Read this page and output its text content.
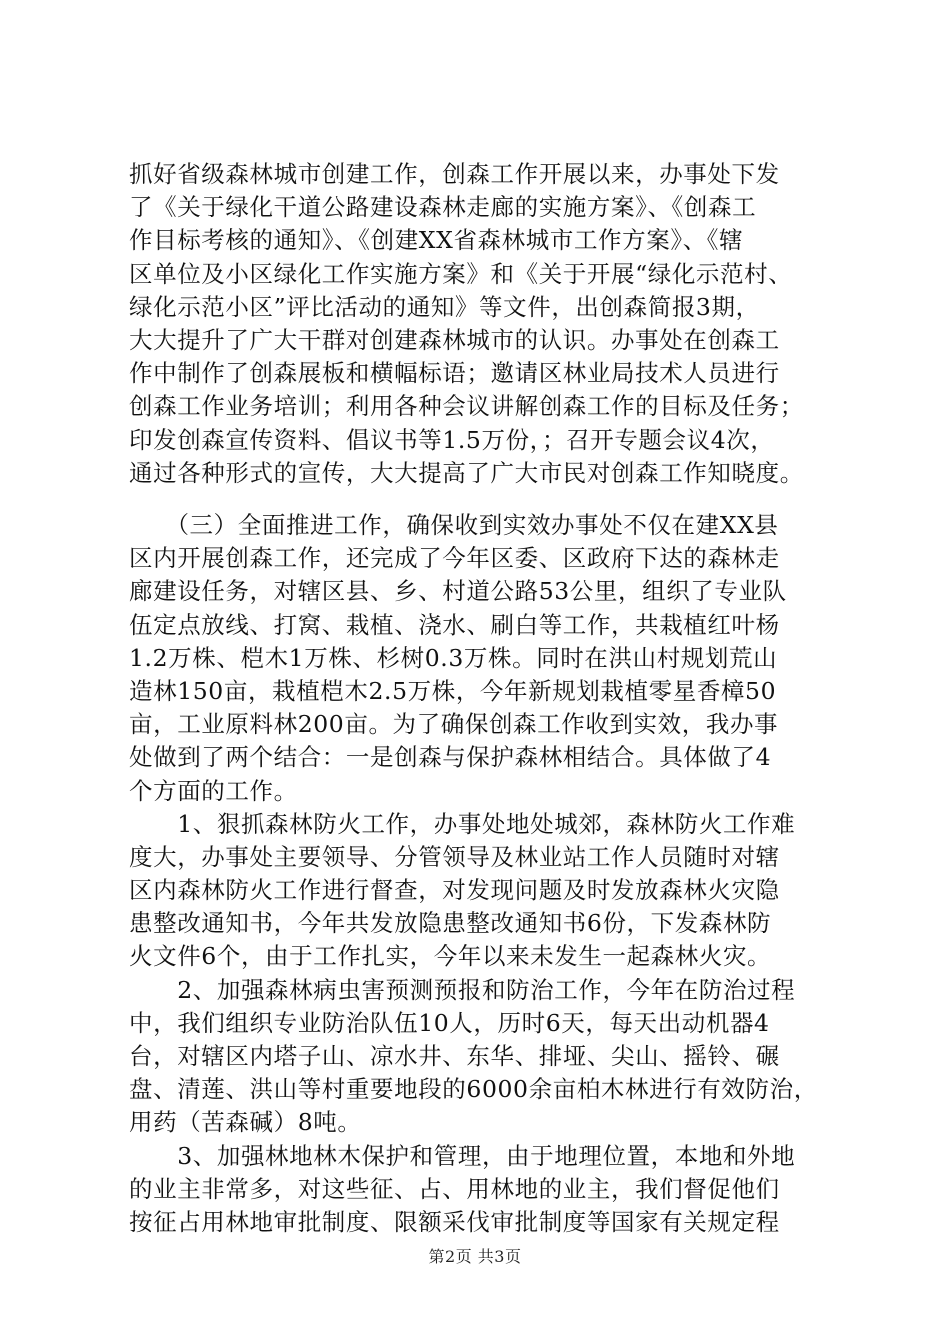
抓好省级森林城市创建工作，创森工作开展以来，办事处下发
了《关于绿化干道公路建设森林走廊的实施方案》、《创森工
作目标考核的通知》、《创建XX省森林城市工作方案》、《辖
区单位及小区绿化工作实施方案》和《关于开展“绿化示范村、
绿化示范小区”评比活动的通知》等文件，出创森简报3期，
大大提升了广大干群对创建森林城市的认识。办事处在创森工
作中制作了创森展板和横幅标语；邀请区林业局技术人员进行
创森工作业务培训；利用各种会议讲解创森工作的目标及任务；
印发创森宣传资料、倡议书等1.5万份，；召开专题会议4次，
通过各种形式的宣传，大大提高了广大市民对创森工作知晓度。
　　（三）全面推进工作，确保收到实效办事处不仅在建XX县
区内开展创森工作，还完成了今年区委、区政府下达的森林走
廊建设任务，对辖区县、乡、村道公路53公里，组织了专业队
伍定点放线、打窝、栽植、浇水、刷白等工作，共栽植红叶杨
1.2万株、桤木1万株、杉树0.3万株。同时在洪山村规划荒山
造林150亩，栽植桤木2.5万株，今年新规划栽植零星香樟50
亩，工业原料林200亩。为了确保创森工作收到实效，我办事
处做到了两个结合：一是创森与保护森林相结合。具体做了4
个方面的工作。
　　1、狠抓森林防火工作，办事处地处城郊，森林防火工作难
度大，办事处主要领导、分管领导及林业站工作人员随时对辖
区内森林防火工作进行督查，对发现问题及时发放森林火灾隐
患整改通知书，今年共发放隐患整改通知书6份，下发森林防
火文件6个，由于工作扎实，今年以来未发生一起森林火灾。
　　2、加强森林病虫害预测预报和防治工作，今年在防治过程
中，我们组织专业防治队伍10人，历时6天，每天出动机器4
台，对辖区内塔子山、凉水井、东华、排垭、尖山、摇铃、碾
盘、清莲、洪山等村重要地段的6000余亩柏木林进行有效防治，
用药（苦森碱）8吨。
　　3、加强林地林木保护和管理，由于地理位置，本地和外地
的业主非常多，对这些征、占、用林地的业主，我们督促他们
按征占用林地审批制度、限额采伐审批制度等国家有关规定程
第2页 共3页
